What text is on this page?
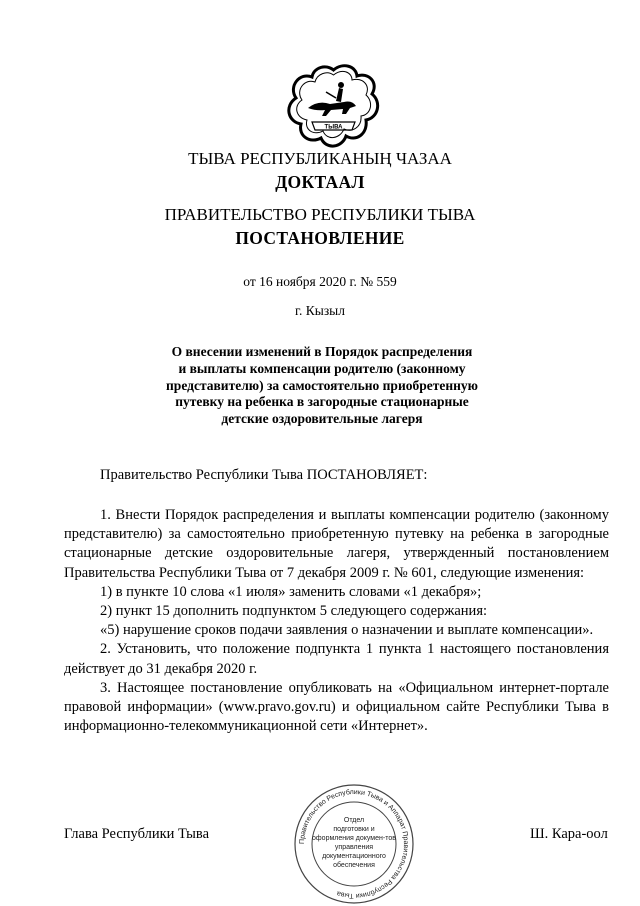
ТЫВА
ТЫВА РЕСПУБЛИКАНЫҢ ЧАЗАА
ДОКТААЛ
ПРАВИТЕЛЬСТВО РЕСПУБЛИКИ ТЫВА
ПОСТАНОВЛЕНИЕ
от 16 ноября 2020 г. № 559
г. Кызыл
О внесении изменений в Порядок распределения
и выплаты компенсации родителю (законному
представителю) за самостоятельно приобретенную
путевку на ребенка в загородные стационарные
детские оздоровительные лагеря
Правительство Республики Тыва ПОСТАНОВЛЯЕТ:

1. Внести Порядок распределения и выплаты компенсации родителю (законному представителю) за самостоятельно приобретенную путевку на ребенка в загородные стационарные детские оздоровительные лагеря, утвержденный постановлением Правительства Республики Тыва от 7 декабря 2009 г. № 601, следующие изменения:

1) в пункте 10 слова «1 июля» заменить словами «1 декабря»;

2) пункт 15 дополнить подпунктом 5 следующего содержания:

«5) нарушение сроков подачи заявления о назначении и выплате компенсации».

2. Установить, что положение подпункта 1 пункта 1 настоящего постановления действует до 31 декабря 2020 г.

3. Настоящее постановление опубликовать на «Официальном интернет-портале правовой информации» (www.pravo.gov.ru) и официальном сайте Республики Тыва в информационно-телекоммуникационной сети «Интернет».

Правительство Республики Тыва и Аппарат Правительства Республики Тыва
Отдел
подготовки и
оформления докумен-тов
управления
документационного
обеспечения
Глава Республики Тыва	Ш. Кара-оол
